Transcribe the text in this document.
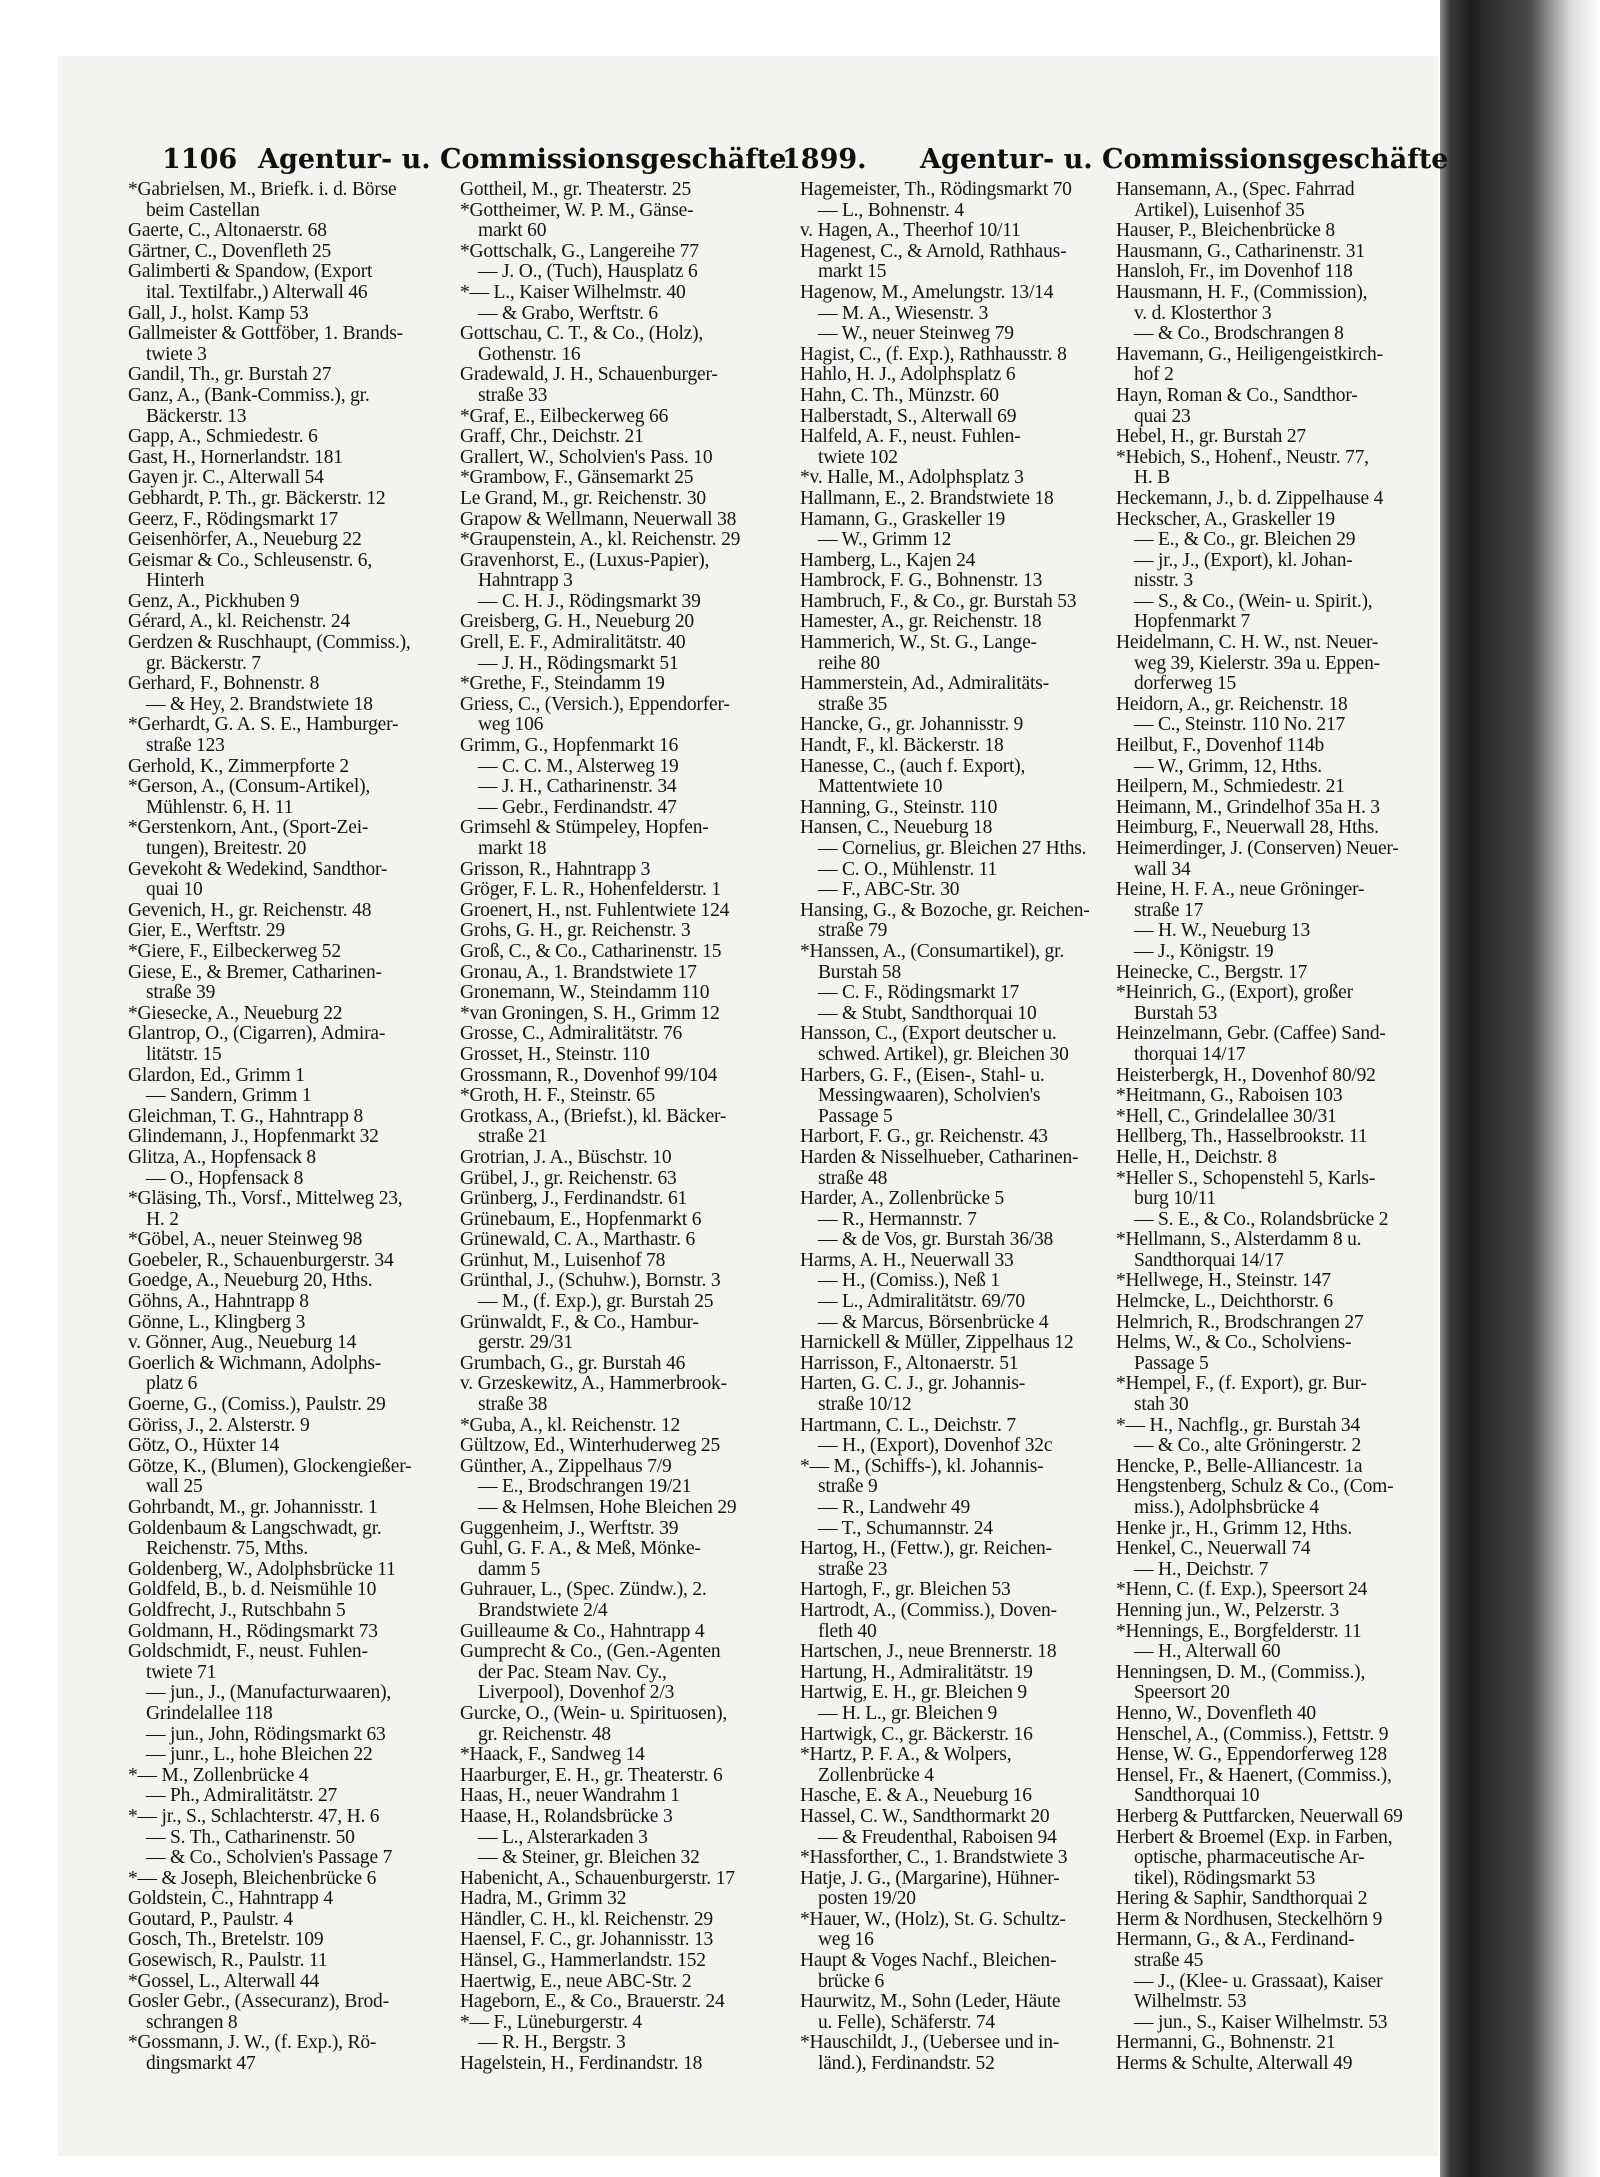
1106 Agentur- u. Commissionsgeschäfte
1899. Agentur- u. Commissionsgeschäfte
*Gabrielsen, M., Briefk. i. d. Börse
beim Castellan
Gaerte, C., Altonaerstr. 68
Gärtner, C., Dovenfleth 25
Galimberti & Spandow, (Export
ital. Textilfabr.,) Alterwall 46
Gall, J., holst. Kamp 53
Gallmeister & Gottföber, 1. Brands-
twiete 3
Gandil, Th., gr. Burstah 27
Ganz, A., (Bank-Commiss.), gr.
Bäckerstr. 13
Gapp, A., Schmiedestr. 6
Gast, H., Hornerlandstr. 181
Gayen jr. C., Alterwall 54
Gebhardt, P. Th., gr. Bäckerstr. 12
Geerz, F., Rödingsmarkt 17
Geisenhörfer, A., Neueburg 22
Geismar & Co., Schleusenstr. 6,
Hinterh
Genz, A., Pickhuben 9
Gérard, A., kl. Reichenstr. 24
Gerdzen & Ruschhaupt, (Commiss.),
gr. Bäckerstr. 7
Gerhard, F., Bohnenstr. 8
— & Hey, 2. Brandstwiete 18
*Gerhardt, G. A. S. E., Hamburger-
straße 123
Gerhold, K., Zimmerpforte 2
*Gerson, A., (Consum-Artikel),
Mühlenstr. 6, H. 11
*Gerstenkorn, Ant., (Sport-Zei-
tungen), Breitestr. 20
Gevekoht & Wedekind, Sandthor-
quai 10
Gevenich, H., gr. Reichenstr. 48
Gier, E., Werftstr. 29
*Giere, F., Eilbeckerweg 52
Giese, E., & Bremer, Catharinen-
straße 39
*Giesecke, A., Neueburg 22
Glantrop, O., (Cigarren), Admira-
litätstr. 15
Glardon, Ed., Grimm 1
— Sandern, Grimm 1
Gleichman, T. G., Hahntrapp 8
Glindemann, J., Hopfenmarkt 32
Glitza, A., Hopfensack 8
— O., Hopfensack 8
*Gläsing, Th., Vorsf., Mittelweg 23,
H. 2
*Göbel, A., neuer Steinweg 98
Goebeler, R., Schauenburgerstr. 34
Goedge, A., Neueburg 20, Hths.
Göhns, A., Hahntrapp 8
Gönne, L., Klingberg 3
v. Gönner, Aug., Neueburg 14
Goerlich & Wichmann, Adolphs-
platz 6
Goerne, G., (Comiss.), Paulstr. 29
Göriss, J., 2. Alsterstr. 9
Götz, O., Hüxter 14
Götze, K., (Blumen), Glockengießer-
wall 25
Gohrbandt, M., gr. Johannisstr. 1
Goldenbaum & Langschwadt, gr.
Reichenstr. 75, Mths.
Goldenberg, W., Adolphsbrücke 11
Goldfeld, B., b. d. Neismühle 10
Goldfrecht, J., Rutschbahn 5
Goldmann, H., Rödingsmarkt 73
Goldschmidt, F., neust. Fuhlen-
twiete 71
— jun., J., (Manufacturwaaren),
Grindelallee 118
— jun., John, Rödingsmarkt 63
— junr., L., hohe Bleichen 22
*— M., Zollenbrücke 4
— Ph., Admiralitätstr. 27
*— jr., S., Schlachterstr. 47, H. 6
— S. Th., Catharinenstr. 50
— & Co., Scholvien's Passage 7
*— & Joseph, Bleichenbrücke 6
Goldstein, C., Hahntrapp 4
Goutard, P., Paulstr. 4
Gosch, Th., Bretelstr. 109
Gosewisch, R., Paulstr. 11
*Gossel, L., Alterwall 44
Gosler Gebr., (Assecuranz), Brod-
schrangen 8
*Gossmann, J. W., (f. Exp.), Rö-
dingsmarkt 47
Gottheil, M., gr. Theaterstr. 25
*Gottheimer, W. P. M., Gänse-
markt 60
*Gottschalk, G., Langereihe 77
— J. O., (Tuch), Hausplatz 6
*— L., Kaiser Wilhelmstr. 40
— & Grabo, Werftstr. 6
Gottschau, C. T., & Co., (Holz),
Gothenstr. 16
Gradewald, J. H., Schauenburger-
straße 33
*Graf, E., Eilbeckerweg 66
Graff, Chr., Deichstr. 21
Grallert, W., Scholvien's Pass. 10
*Grambow, F., Gänsemarkt 25
Le Grand, M., gr. Reichenstr. 30
Grapow & Wellmann, Neuerwall 38
*Graupenstein, A., kl. Reichenstr. 29
Gravenhorst, E., (Luxus-Papier),
Hahntrapp 3
— C. H. J., Rödingsmarkt 39
Greisberg, G. H., Neueburg 20
Grell, E. F., Admiralitätstr. 40
— J. H., Rödingsmarkt 51
*Grethe, F., Steindamm 19
Griess, C., (Versich.), Eppendorfer-
weg 106
Grimm, G., Hopfenmarkt 16
— C. C. M., Alsterweg 19
— J. H., Catharinenstr. 34
— Gebr., Ferdinandstr. 47
Grimsehl & Stümpeley, Hopfen-
markt 18
Grisson, R., Hahntrapp 3
Gröger, F. L. R., Hohenfelderstr. 1
Groenert, H., nst. Fuhlentwiete 124
Grohs, G. H., gr. Reichenstr. 3
Groß, C., & Co., Catharinenstr. 15
Gronau, A., 1. Brandstwiete 17
Gronemann, W., Steindamm 110
*van Groningen, S. H., Grimm 12
Grosse, C., Admiralitätstr. 76
Grosset, H., Steinstr. 110
Grossmann, R., Dovenhof 99/104
*Groth, H. F., Steinstr. 65
Grotkass, A., (Briefst.), kl. Bäcker-
straße 21
Grotrian, J. A., Büschstr. 10
Grübel, J., gr. Reichenstr. 63
Grünberg, J., Ferdinandstr. 61
Grünebaum, E., Hopfenmarkt 6
Grünewald, C. A., Marthastr. 6
Grünhut, M., Luisenhof 78
Grünthal, J., (Schuhw.), Bornstr. 3
— M., (f. Exp.), gr. Burstah 25
Grünwaldt, F., & Co., Hambur-
gerstr. 29/31
Grumbach, G., gr. Burstah 46
v. Grzeskewitz, A., Hammerbrook-
straße 38
*Guba, A., kl. Reichenstr. 12
Gültzow, Ed., Winterhuderweg 25
Günther, A., Zippelhaus 7/9
— E., Brodschrangen 19/21
— & Helmsen, Hohe Bleichen 29
Guggenheim, J., Werftstr. 39
Guhl, G. F. A., & Meß, Mönke-
damm 5
Guhrauer, L., (Spec. Zündw.), 2.
Brandstwiete 2/4
Guilleaume & Co., Hahntrapp 4
Gumprecht & Co., (Gen.-Agenten
der Pac. Steam Nav. Cy.,
Liverpool), Dovenhof 2/3
Gurcke, O., (Wein- u. Spirituosen),
gr. Reichenstr. 48
*Haack, F., Sandweg 14
Haarburger, E. H., gr. Theaterstr. 6
Haas, H., neuer Wandrahm 1
Haase, H., Rolandsbrücke 3
— L., Alsterarkaden 3
— & Steiner, gr. Bleichen 32
Habenicht, A., Schauenburgerstr. 17
Hadra, M., Grimm 32
Händler, C. H., kl. Reichenstr. 29
Haensel, F. C., gr. Johannisstr. 13
Hänsel, G., Hammerlandstr. 152
Haertwig, E., neue ABC-Str. 2
Hageborn, E., & Co., Brauerstr. 24
*— F., Lüneburgerstr. 4
— R. H., Bergstr. 3
Hagelstein, H., Ferdinandstr. 18
Hagemeister, Th., Rödingsmarkt 70
— L., Bohnenstr. 4
v. Hagen, A., Theerhof 10/11
Hagenest, C., & Arnold, Rathhaus-
markt 15
Hagenow, M., Amelungstr. 13/14
— M. A., Wiesenstr. 3
— W., neuer Steinweg 79
Hagist, C., (f. Exp.), Rathhausstr. 8
Hahlo, H. J., Adolphsplatz 6
Hahn, C. Th., Münzstr. 60
Halberstadt, S., Alterwall 69
Halfeld, A. F., neust. Fuhlen-
twiete 102
*v. Halle, M., Adolphsplatz 3
Hallmann, E., 2. Brandstwiete 18
Hamann, G., Graskeller 19
— W., Grimm 12
Hamberg, L., Kajen 24
Hambrock, F. G., Bohnenstr. 13
Hambruch, F., & Co., gr. Burstah 53
Hamester, A., gr. Reichenstr. 18
Hammerich, W., St. G., Lange-
reihe 80
Hammerstein, Ad., Admiralitäts-
straße 35
Hancke, G., gr. Johannisstr. 9
Handt, F., kl. Bäckerstr. 18
Hanesse, C., (auch f. Export),
Mattentwiete 10
Hanning, G., Steinstr. 110
Hansen, C., Neueburg 18
— Cornelius, gr. Bleichen 27 Hths.
— C. O., Mühlenstr. 11
— F., ABC-Str. 30
Hansing, G., & Bozoche, gr. Reichen-
straße 79
*Hanssen, A., (Consumartikel), gr.
Burstah 58
— C. F., Rödingsmarkt 17
— & Stubt, Sandthorquai 10
Hansson, C., (Export deutscher u.
schwed. Artikel), gr. Bleichen 30
Harbers, G. F., (Eisen-, Stahl- u.
Messingwaaren), Scholvien's
Passage 5
Harbort, F. G., gr. Reichenstr. 43
Harden & Nisselhueber, Catharinen-
straße 48
Harder, A., Zollenbrücke 5
— R., Hermannstr. 7
— & de Vos, gr. Burstah 36/38
Harms, A. H., Neuerwall 33
— H., (Comiss.), Neß 1
— L., Admiralitätstr. 69/70
— & Marcus, Börsenbrücke 4
Harnickell & Müller, Zippelhaus 12
Harrisson, F., Altonaerstr. 51
Harten, G. C. J., gr. Johannis-
straße 10/12
Hartmann, C. L., Deichstr. 7
— H., (Export), Dovenhof 32c
*— M., (Schiffs-), kl. Johannis-
straße 9
— R., Landwehr 49
— T., Schumannstr. 24
Hartog, H., (Fettw.), gr. Reichen-
straße 23
Hartogh, F., gr. Bleichen 53
Hartrodt, A., (Commiss.), Doven-
fleth 40
Hartschen, J., neue Brennerstr. 18
Hartung, H., Admiralitätstr. 19
Hartwig, E. H., gr. Bleichen 9
— H. L., gr. Bleichen 9
Hartwigk, C., gr. Bäckerstr. 16
*Hartz, P. F. A., & Wolpers,
Zollenbrücke 4
Hasche, E. & A., Neueburg 16
Hassel, C. W., Sandthormarkt 20
— & Freudenthal, Raboisen 94
*Hassforther, C., 1. Brandstwiete 3
Hatje, J. G., (Margarine), Hühner-
posten 19/20
*Hauer, W., (Holz), St. G. Schultz-
weg 16
Haupt & Voges Nachf., Bleichen-
brücke 6
Haurwitz, M., Sohn (Leder, Häute
u. Felle), Schäferstr. 74
*Hauschildt, J., (Uebersee und in-
länd.), Ferdinandstr. 52
Hansemann, A., (Spec. Fahrrad
Artikel), Luisenhof 35
Hauser, P., Bleichenbrücke 8
Hausmann, G., Catharinenstr. 31
Hansloh, Fr., im Dovenhof 118
Hausmann, H. F., (Commission),
v. d. Klosterthor 3
— & Co., Brodschrangen 8
Havemann, G., Heiligengeistkirch-
hof 2
Hayn, Roman & Co., Sandthor-
quai 23
Hebel, H., gr. Burstah 27
*Hebich, S., Hohenf., Neustr. 77,
H. B
Heckemann, J., b. d. Zippelhause 4
Heckscher, A., Graskeller 19
— E., & Co., gr. Bleichen 29
— jr., J., (Export), kl. Johan-
nisstr. 3
— S., & Co., (Wein- u. Spirit.),
Hopfenmarkt 7
Heidelmann, C. H. W., nst. Neuer-
weg 39, Kielerstr. 39a u. Eppen-
dorferweg 15
Heidorn, A., gr. Reichenstr. 18
— C., Steinstr. 110 No. 217
Heilbut, F., Dovenhof 114b
— W., Grimm, 12, Hths.
Heilpern, M., Schmiedestr. 21
Heimann, M., Grindelhof 35a H. 3
Heimburg, F., Neuerwall 28, Hths.
Heimerdinger, J. (Conserven) Neuer-
wall 34
Heine, H. F. A., neue Gröninger-
straße 17
— H. W., Neueburg 13
— J., Königstr. 19
Heinecke, C., Bergstr. 17
*Heinrich, G., (Export), großer
Burstah 53
Heinzelmann, Gebr. (Caffee) Sand-
thorquai 14/17
Heisterbergk, H., Dovenhof 80/92
*Heitmann, G., Raboisen 103
*Hell, C., Grindelallee 30/31
Hellberg, Th., Hasselbrookstr. 11
Helle, H., Deichstr. 8
*Heller S., Schopenstehl 5, Karls-
burg 10/11
— S. E., & Co., Rolandsbrücke 2
*Hellmann, S., Alsterdamm 8 u.
Sandthorquai 14/17
*Hellwege, H., Steinstr. 147
Helmcke, L., Deichthorstr. 6
Helmrich, R., Brodschrangen 27
Helms, W., & Co., Scholviens-
Passage 5
*Hempel, F., (f. Export), gr. Bur-
stah 30
*— H., Nachflg., gr. Burstah 34
— & Co., alte Gröningerstr. 2
Hencke, P., Belle-Alliancestr. 1a
Hengstenberg, Schulz & Co., (Com-
miss.), Adolphsbrücke 4
Henke jr., H., Grimm 12, Hths.
Henkel, C., Neuerwall 74
— H., Deichstr. 7
*Henn, C. (f. Exp.), Speersort 24
Henning jun., W., Pelzerstr. 3
*Hennings, E., Borgfelderstr. 11
— H., Alterwall 60
Henningsen, D. M., (Commiss.),
Speersort 20
Henno, W., Dovenfleth 40
Henschel, A., (Commiss.), Fettstr. 9
Hense, W. G., Eppendorferweg 128
Hensel, Fr., & Haenert, (Commiss.),
Sandthorquai 10
Herberg & Puttfarcken, Neuerwall 69
Herbert & Broemel (Exp. in Farben,
optische, pharmaceutische Ar-
tikel), Rödingsmarkt 53
Hering & Saphir, Sandthorquai 2
Herm & Nordhusen, Steckelhörn 9
Hermann, G., & A., Ferdinand-
straße 45
— J., (Klee- u. Grassaat), Kaiser
Wilhelmstr. 53
— jun., S., Kaiser Wilhelmstr. 53
Hermanni, G., Bohnenstr. 21
Herms & Schulte, Alterwall 49
